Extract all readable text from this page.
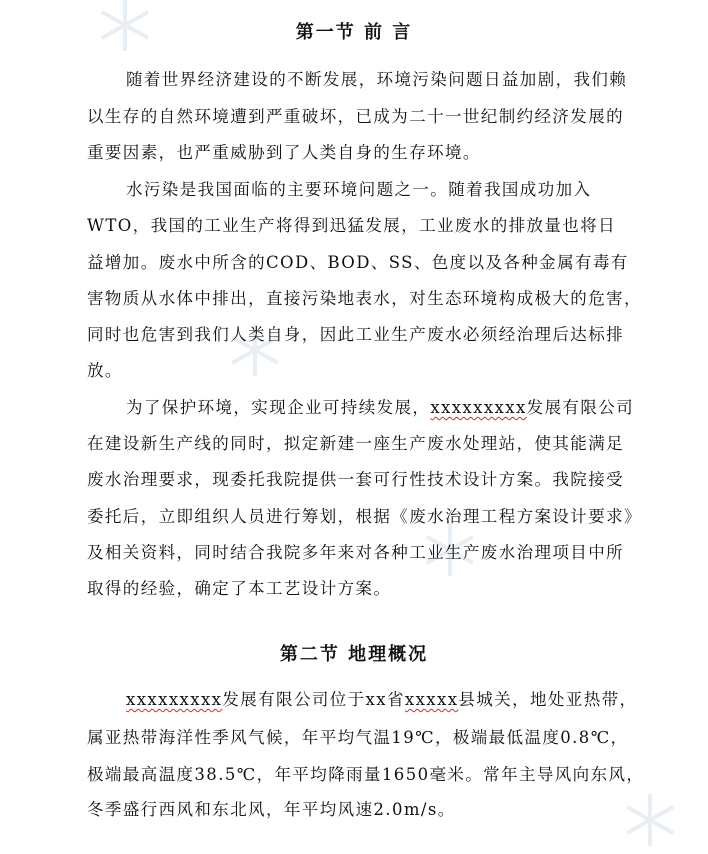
第一节 前 言

随着世界经济建设的不断发展，环境污染问题日益加剧，我们赖

以生存的自然环境遭到严重破坏，已成为二十一世纪制约经济发展的

重要因素，也严重威胁到了人类自身的生存环境。

水污染是我国面临的主要环境问题之一。随着我国成功加入

WTO，我国的工业生产将得到迅猛发展，工业废水的排放量也将日

益增加。废水中所含的COD、BOD、SS、色度以及各种金属有毒有

害物质从水体中排出，直接污染地表水，对生态环境构成极大的危害，

同时也危害到我们人类自身，因此工业生产废水必须经治理后达标排

放。

为了保护环境，实现企业可持续发展，xxxxxxxxx发展有限公司

在建设新生产线的同时，拟定新建一座生产废水处理站，使其能满足

废水治理要求，现委托我院提供一套可行性技术设计方案。我院接受

委托后，立即组织人员进行筹划，根据《废水治理工程方案设计要求》

及相关资料，同时结合我院多年来对各种工业生产废水治理项目中所

取得的经验，确定了本工艺设计方案。

第二节 地理概况

xxxxxxxxx发展有限公司位于xx省xxxxx县城关，地处亚热带，

属亚热带海洋性季风气候，年平均气温19℃，极端最低温度0.8℃，

极端最高温度38.5℃，年平均降雨量1650毫米。常年主导风向东风，

冬季盛行西风和东北风，年平均风速2.0m/s。
